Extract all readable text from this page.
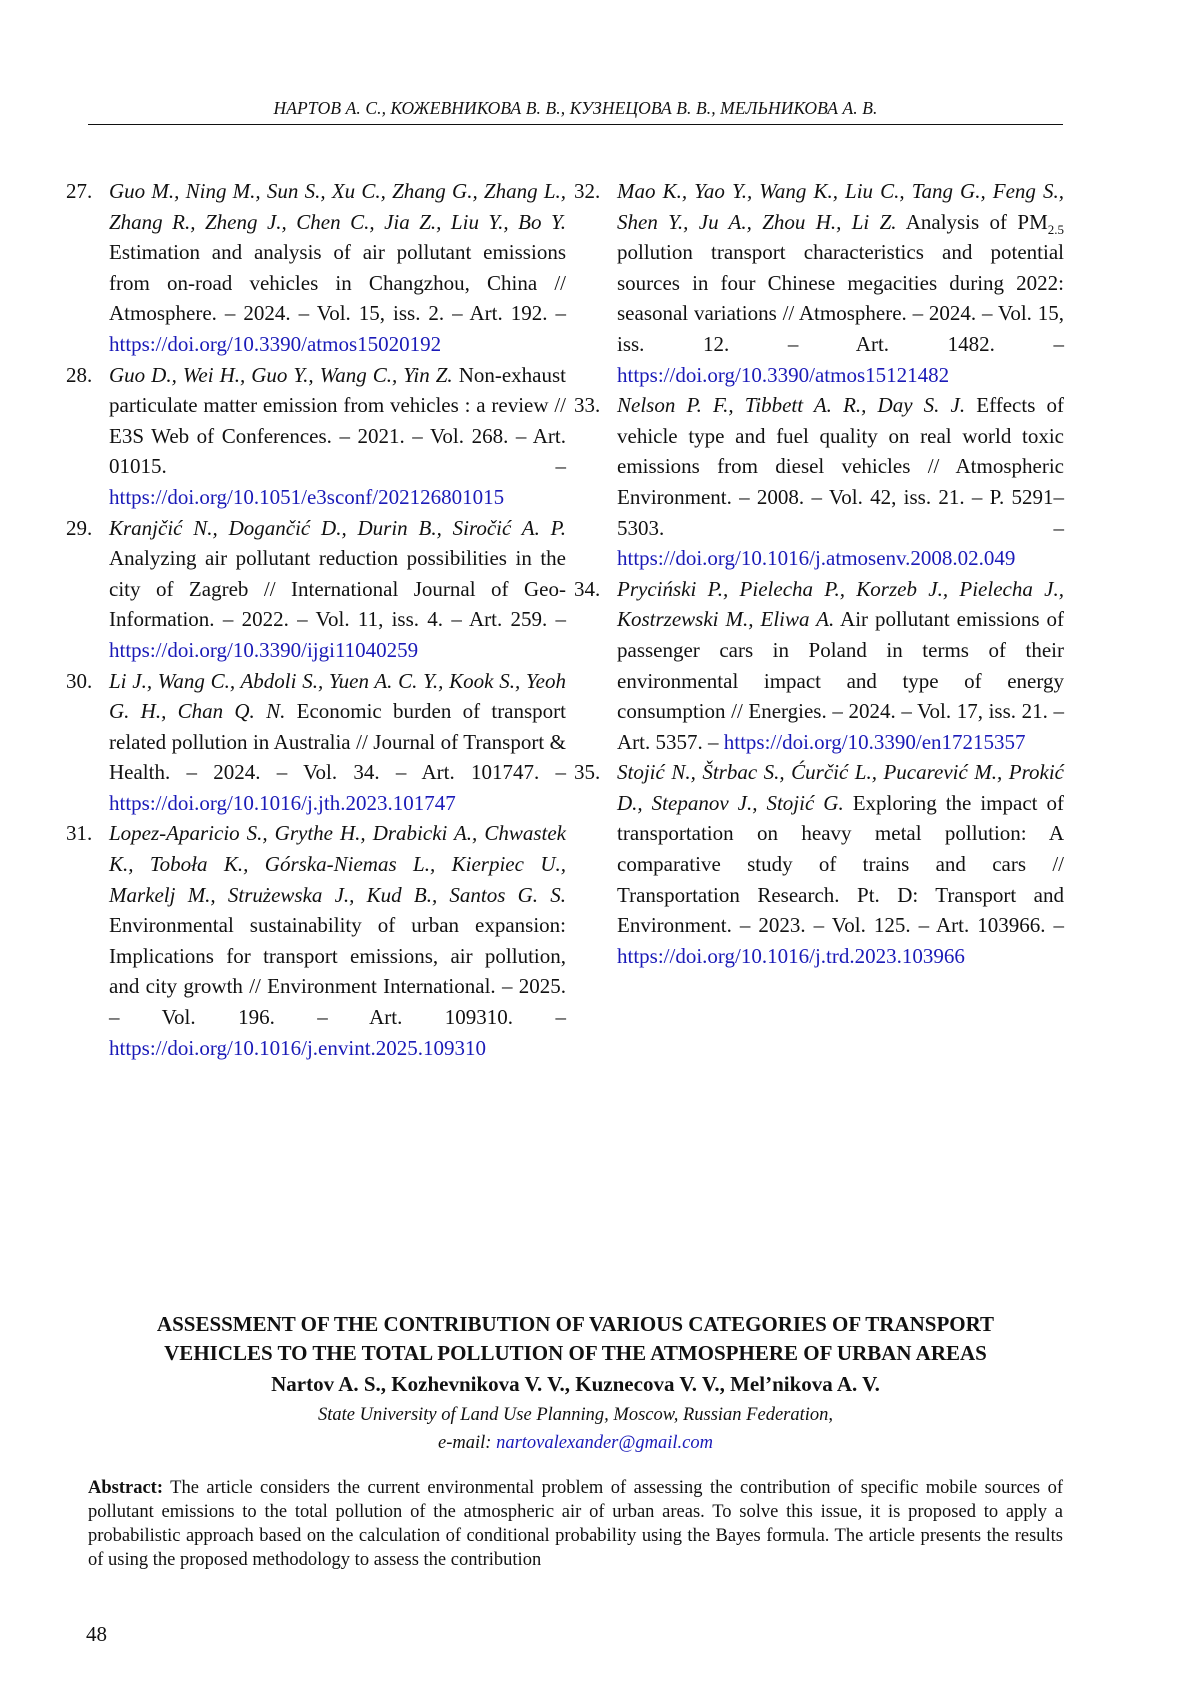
НАРТОВ А. С., КОЖЕВНИКОВА В. В., КУЗНЕЦОВА В. В., МЕЛЬНИКОВА А. В.
27. Guo M., Ning M., Sun S., Xu C., Zhang G., Zhang L., Zhang R., Zheng J., Chen C., Jia Z., Liu Y., Bo Y. Estimation and analysis of air pollutant emissions from on-road vehicles in Changzhou, China // Atmosphere. – 2024. – Vol. 15, iss. 2. – Art. 192. – https://doi.org/10.3390/atmos15020192
28. Guo D., Wei H., Guo Y., Wang C., Yin Z. Non-exhaust particulate matter emission from vehicles : a review // E3S Web of Conferences. – 2021. – Vol. 268. – Art. 01015. – https://doi.org/10.1051/e3sconf/202126801015
29. Kranjčić N., Dogančić D., Durin B., Siročić A. P. Analyzing air pollutant reduction possibilities in the city of Zagreb // International Journal of Geo-Information. – 2022. – Vol. 11, iss. 4. – Art. 259. – https://doi.org/10.3390/ijgi11040259
30. Li J., Wang C., Abdoli S., Yuen A. C. Y., Kook S., Yeoh G. H., Chan Q. N. Economic burden of transport related pollution in Australia // Journal of Transport & Health. – 2024. – Vol. 34. – Art. 101747. – https://doi.org/10.1016/j.jth.2023.101747
31. Lopez-Aparicio S., Grythe H., Drabicki A., Chwastek K., Toboła K., Górska-Niemas L., Kierpiec U., Markelj M., Strużewska J., Kud B., Santos G. S. Environmental sustainability of urban expansion: Implications for transport emissions, air pollution, and city growth // Environment International. – 2025. – Vol. 196. – Art. 109310. – https://doi.org/10.1016/j.envint.2025.109310
32. Mao K., Yao Y., Wang K., Liu C., Tang G., Feng S., Shen Y., Ju A., Zhou H., Li Z. Analysis of $PM_{2.5}$ pollution transport characteristics and potential sources in four Chinese megacities during 2022: seasonal variations // Atmosphere. – 2024. – Vol. 15, iss. 12. – Art. 1482. – https://doi.org/10.3390/atmos15121482
33. Nelson P. F., Tibbett A. R., Day S. J. Effects of vehicle type and fuel quality on real world toxic emissions from diesel vehicles // Atmospheric Environment. – 2008. – Vol. 42, iss. 21. – P. 5291–5303. – https://doi.org/10.1016/j.atmosenv.2008.02.049
34. Pryciński P., Pielecha P., Korzeb J., Pielecha J., Kostrzewski M., Eliwa A. Air pollutant emissions of passenger cars in Poland in terms of their environmental impact and type of energy consumption // Energies. – 2024. – Vol. 17, iss. 21. – Art. 5357. – https://doi.org/10.3390/en17215357
35. Stojić N., Štrbac S., Ćurčić L., Pucarević M., Prokić D., Stepanov J., Stojić G. Exploring the impact of transportation on heavy metal pollution: A comparative study of trains and cars // Transportation Research. Pt. D: Transport and Environment. – 2023. – Vol. 125. – Art. 103966. – https://doi.org/10.1016/j.trd.2023.103966
ASSESSMENT OF THE CONTRIBUTION OF VARIOUS CATEGORIES OF TRANSPORT
VEHICLES TO THE TOTAL POLLUTION OF THE ATMOSPHERE OF URBAN AREAS
Nartov A. S., Kozhevnikova V. V., Kuznecova V. V., Mel’nikova A. V.
State University of Land Use Planning, Moscow, Russian Federation,
e-mail: nartovalexander@gmail.com
Abstract: The article considers the current environmental problem of assessing the contribution of specific mobile sources of pollutant emissions to the total pollution of the atmospheric air of urban areas. To solve this issue, it is proposed to apply a probabilistic approach based on the calculation of conditional probability using the Bayes formula. The article presents the results of using the proposed methodology to assess the contribution
48
